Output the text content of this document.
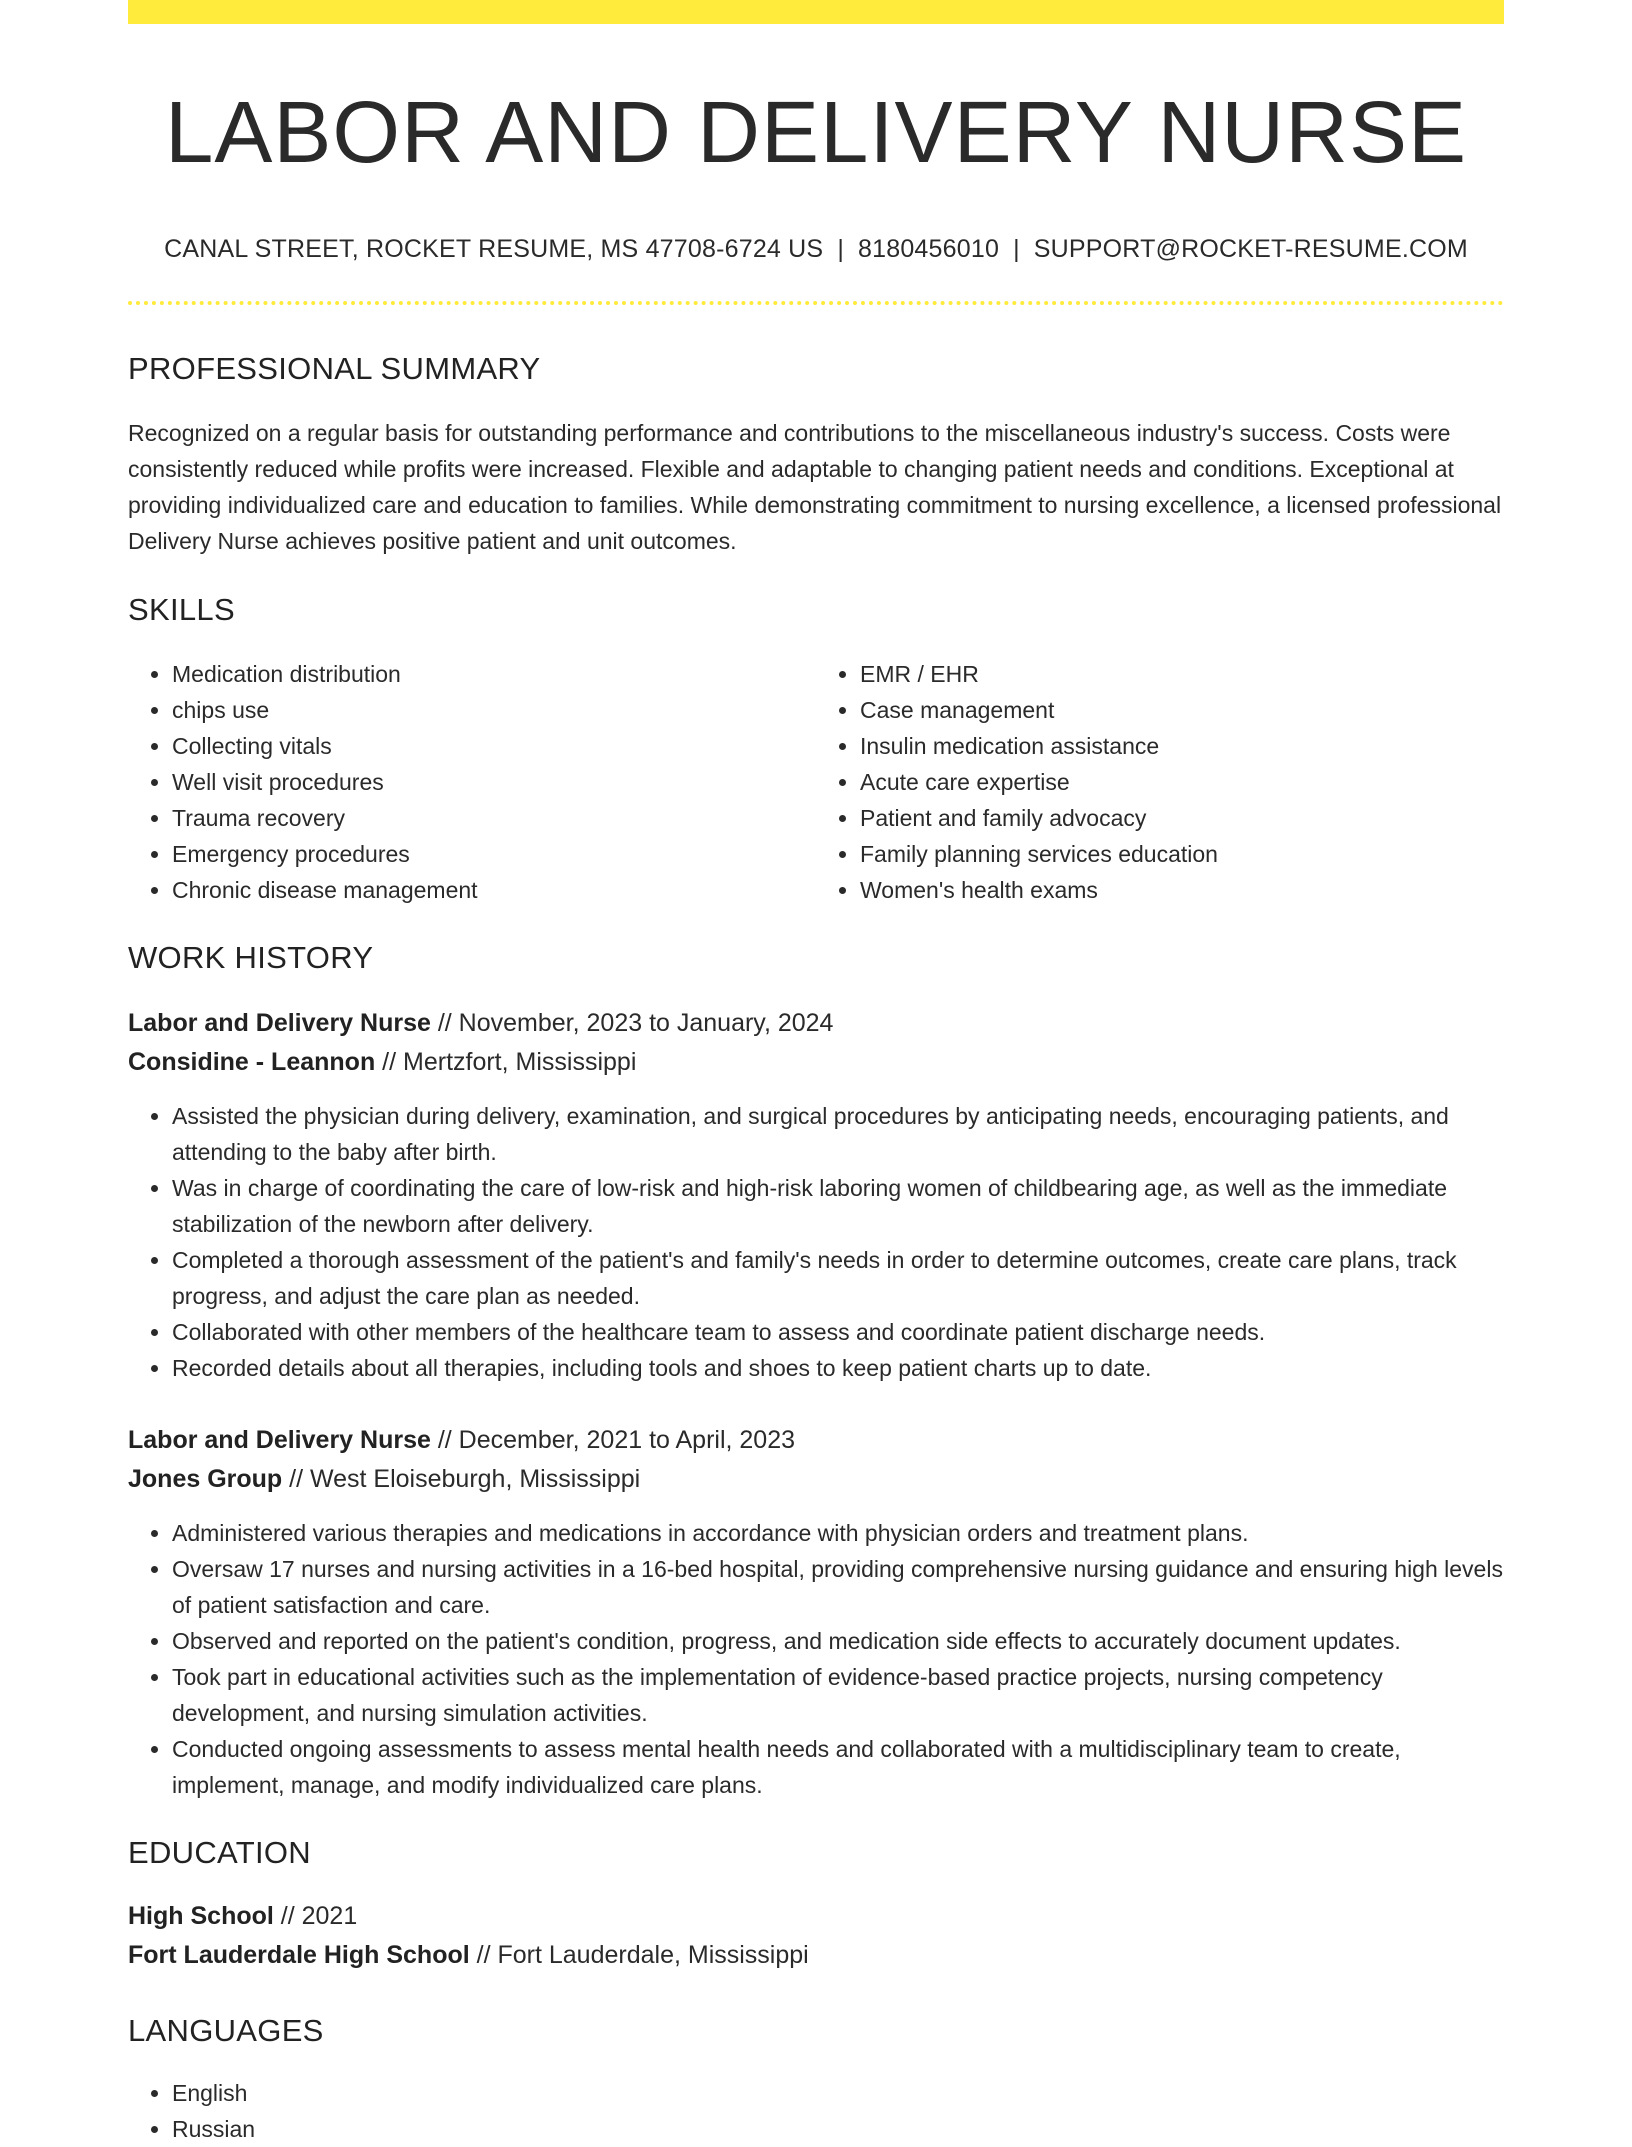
LABOR AND DELIVERY NURSE
CANAL STREET, ROCKET RESUME, MS 47708-6724 US | 8180456010 | SUPPORT@ROCKET-RESUME.COM
PROFESSIONAL SUMMARY
Recognized on a regular basis for outstanding performance and contributions to the miscellaneous industry's success. Costs were consistently reduced while profits were increased. Flexible and adaptable to changing patient needs and conditions. Exceptional at providing individualized care and education to families. While demonstrating commitment to nursing excellence, a licensed professional Delivery Nurse achieves positive patient and unit outcomes.
SKILLS
• Medication distribution
• chips use
• Collecting vitals
• Well visit procedures
• Trauma recovery
• Emergency procedures
• Chronic disease management
• EMR / EHR
• Case management
• Insulin medication assistance
• Acute care expertise
• Patient and family advocacy
• Family planning services education
• Women's health exams
WORK HISTORY
Labor and Delivery Nurse // November, 2023 to January, 2024
Considine - Leannon // Mertzfort, Mississippi
• Assisted the physician during delivery, examination, and surgical procedures by anticipating needs, encouraging patients, and attending to the baby after birth.
• Was in charge of coordinating the care of low-risk and high-risk laboring women of childbearing age, as well as the immediate stabilization of the newborn after delivery.
• Completed a thorough assessment of the patient's and family's needs in order to determine outcomes, create care plans, track progress, and adjust the care plan as needed.
• Collaborated with other members of the healthcare team to assess and coordinate patient discharge needs.
• Recorded details about all therapies, including tools and shoes to keep patient charts up to date.
Labor and Delivery Nurse // December, 2021 to April, 2023
Jones Group // West Eloiseburgh, Mississippi
• Administered various therapies and medications in accordance with physician orders and treatment plans.
• Oversaw 17 nurses and nursing activities in a 16-bed hospital, providing comprehensive nursing guidance and ensuring high levels of patient satisfaction and care.
• Observed and reported on the patient's condition, progress, and medication side effects to accurately document updates.
• Took part in educational activities such as the implementation of evidence-based practice projects, nursing competency development, and nursing simulation activities.
• Conducted ongoing assessments to assess mental health needs and collaborated with a multidisciplinary team to create, implement, manage, and modify individualized care plans.
EDUCATION
High School // 2021
Fort Lauderdale High School // Fort Lauderdale, Mississippi
LANGUAGES
• English
• Russian
